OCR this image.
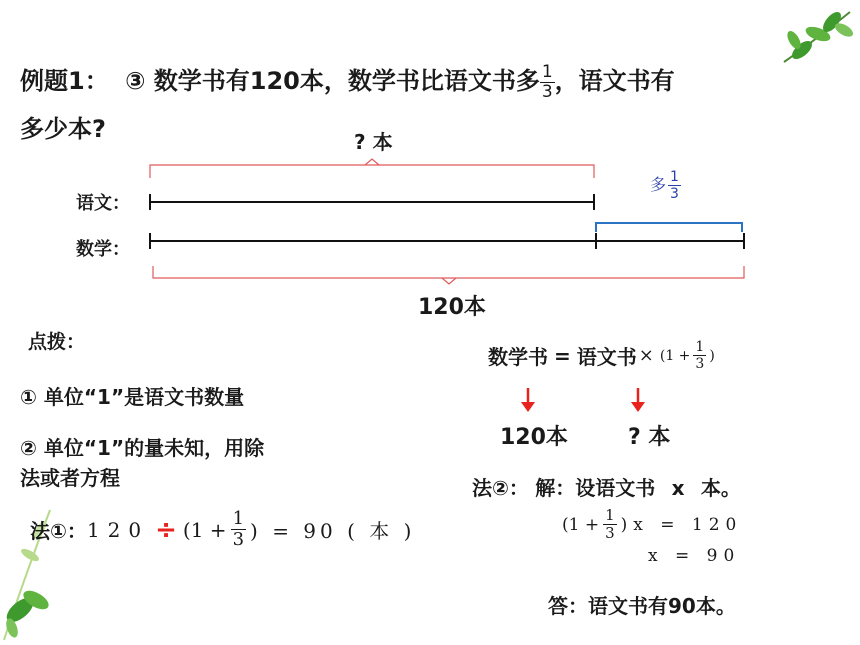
例题1： ③ 数学书有120本，数学书比语文书多 $\frac{1}{3}$ ，语文书有
多少本?	? 本
语文：
数学：
多 $\frac{1}{3}$
120本
点拨：
① 单位“1”是语文书数量
② 单位“1”的量未知，用除
法或者方程
法①： $120 \div (1 + \frac{1}{3}$ ) = 90 ( 本 )
数学书 = 语文书 × ($1 + \frac{1}{3}$ )
120本	? 本
法②： 解：设语文书 x 本。
$(1 + \frac{1}{3} )x = 120$
x = 90
答：语文书有90本。
